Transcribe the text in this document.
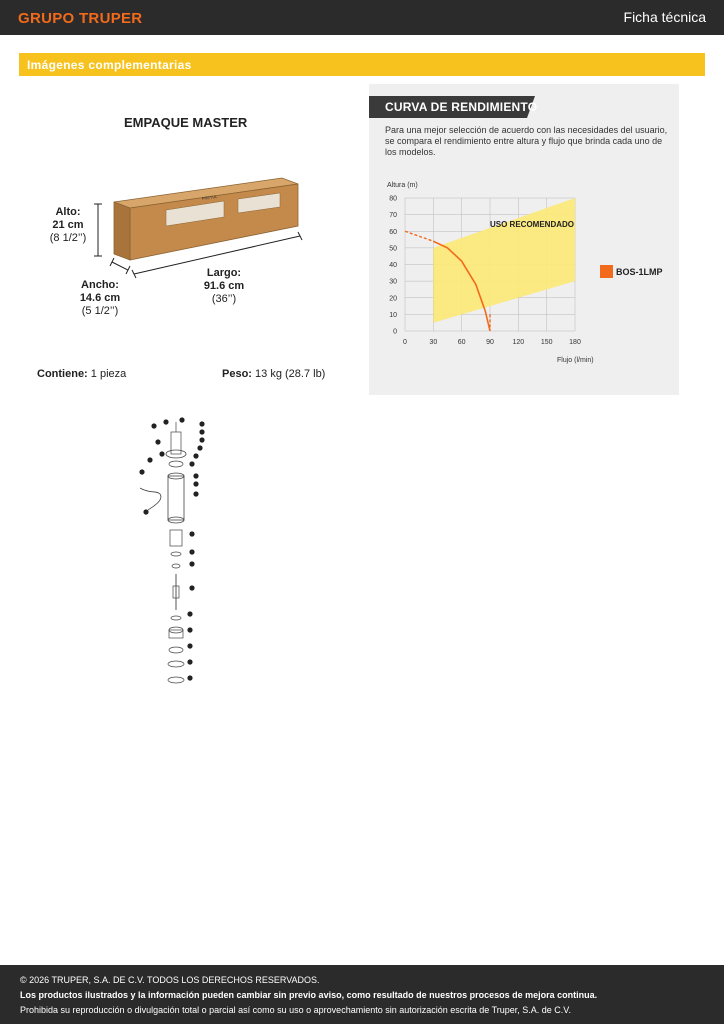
GRUPO TRUPER	Ficha técnica
Imágenes complementarias
EMPAQUE MASTER
PRETUL
Alto:
21 cm
(8 1/2’’)
Ancho:
14.6 cm
(5 1/2’’)
Largo:
91.6 cm
(36’’)
Contiene: 1 pieza	Peso: 13 kg (28.7 lb)
CURVA DE RENDIMIENTO

Para una mejor selección de acuerdo con las necesidades del usuario, se compara el rendimiento entre altura y flujo que brinda cada uno de los modelos.

0
10
20
30
40
50
60
70
80
0	30	60	90	120 150 180
Altura (m)
Flujo (l/min)
USO RECOMENDADO
BOS-1LMP

© 2026 TRUPER, S.A. DE C.V. TODOS LOS DERECHOS RESERVADOS.

Los productos ilustrados y la información pueden cambiar sin previo aviso, como resultado de nuestros procesos de mejora continua.

Prohibida su reproducción o divulgación total o parcial así como su uso o aprovechamiento sin autorización escrita de Truper, S.A. de C.V.
